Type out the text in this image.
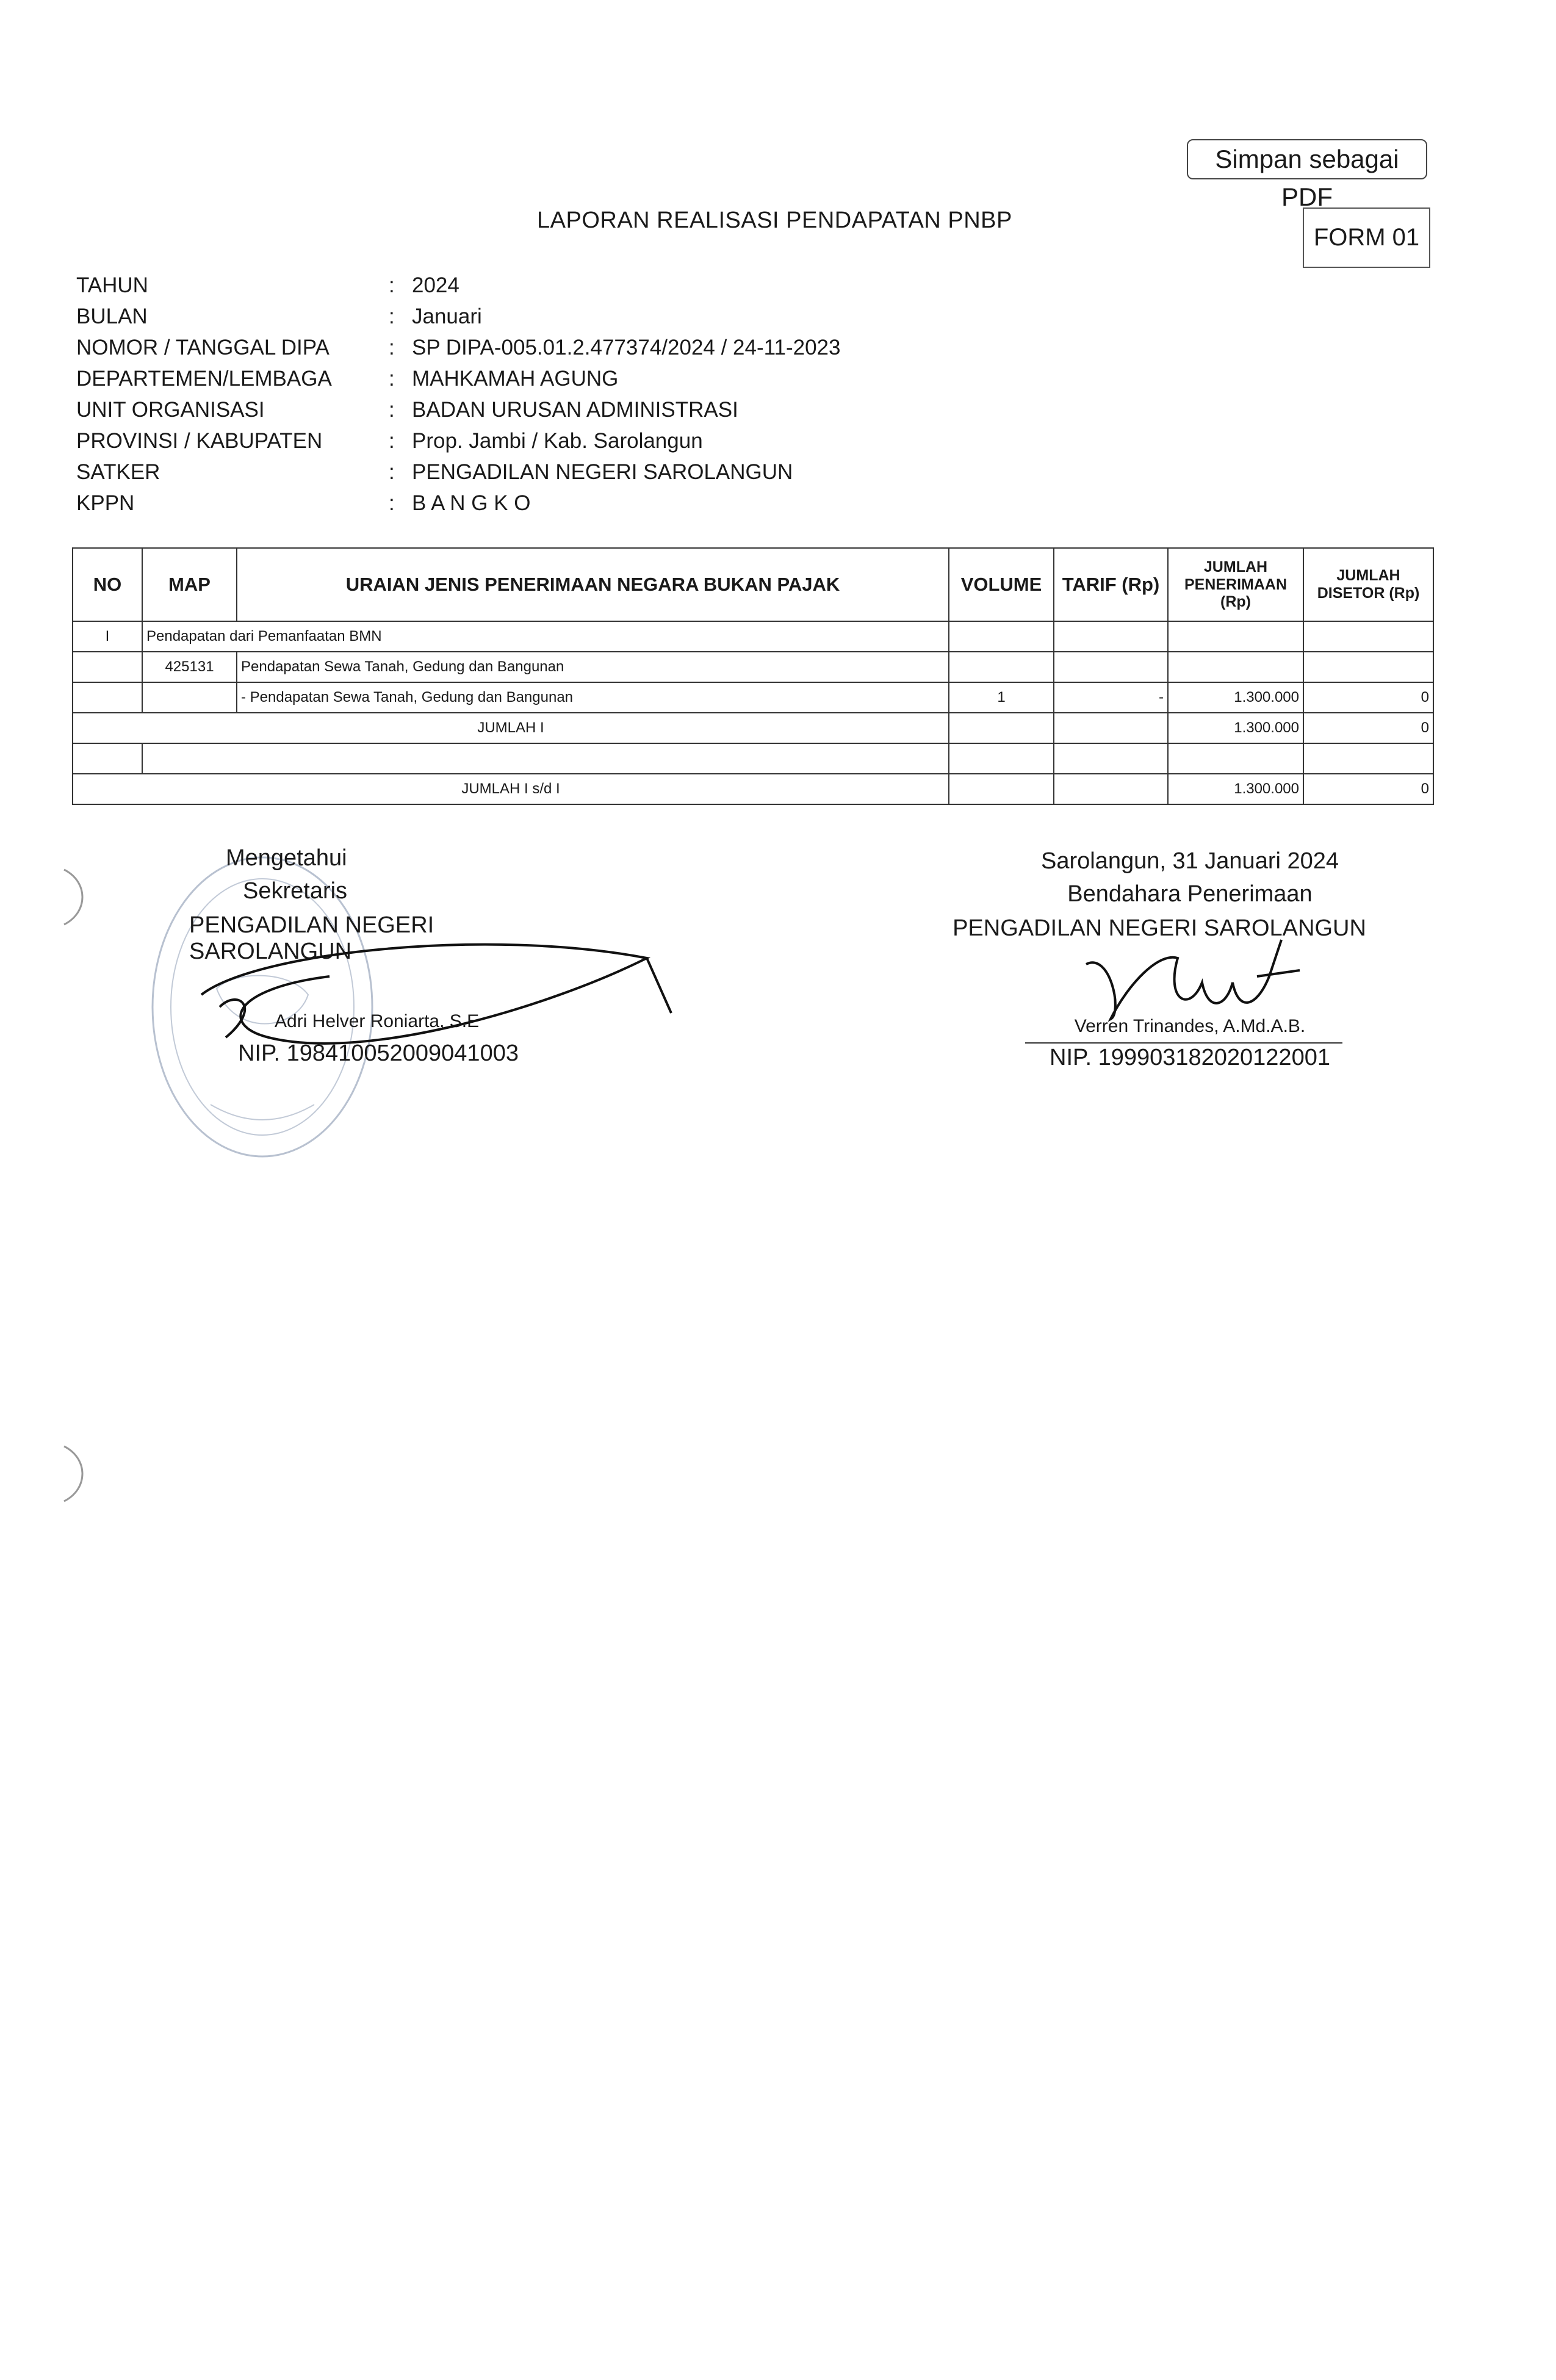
Simpan sebagai PDF
LAPORAN REALISASI PENDAPATAN PNBP
FORM 01
TAHUN	: 2024
BULAN	: Januari
NOMOR / TANGGAL DIPA	: SP DIPA-005.01.2.477374/2024 / 24-11-2023
DEPARTEMEN/LEMBAGA	: MAHKAMAH AGUNG
UNIT ORGANISASI	: BADAN URUSAN ADMINISTRASI
PROVINSI / KABUPATEN	: Prop. Jambi / Kab. Sarolangun
SATKER	: PENGADILAN NEGERI SAROLANGUN
KPPN	: B A N G K O
NO	MAP	URAIAN JENIS PENERIMAAN NEGARA BUKAN PAJAK	VOLUME	TARIF (Rp)	JUMLAH PENERIMAAN (Rp)	JUMLAH DISETOR (Rp)
I	Pendapatan dari Pemanfaatan BMN					
	425131	Pendapatan Sewa Tanah, Gedung dan Bangunan				
		- Pendapatan Sewa Tanah, Gedung dan Bangunan	1	-	1.300.000	0
JUMLAH I					1.300.000	0

JUMLAH I s/d I					1.300.000	0
Mengetahui
Sekretaris
PENGADILAN NEGERI SAROLANGUN
Adri Helver Roniarta, S.E
NIP. 198410052009041003
Sarolangun, 31 Januari 2024
Bendahara Penerimaan
PENGADILAN NEGERI SAROLANGUN
Verren Trinandes, A.Md.A.B.
NIP. 199903182020122001
